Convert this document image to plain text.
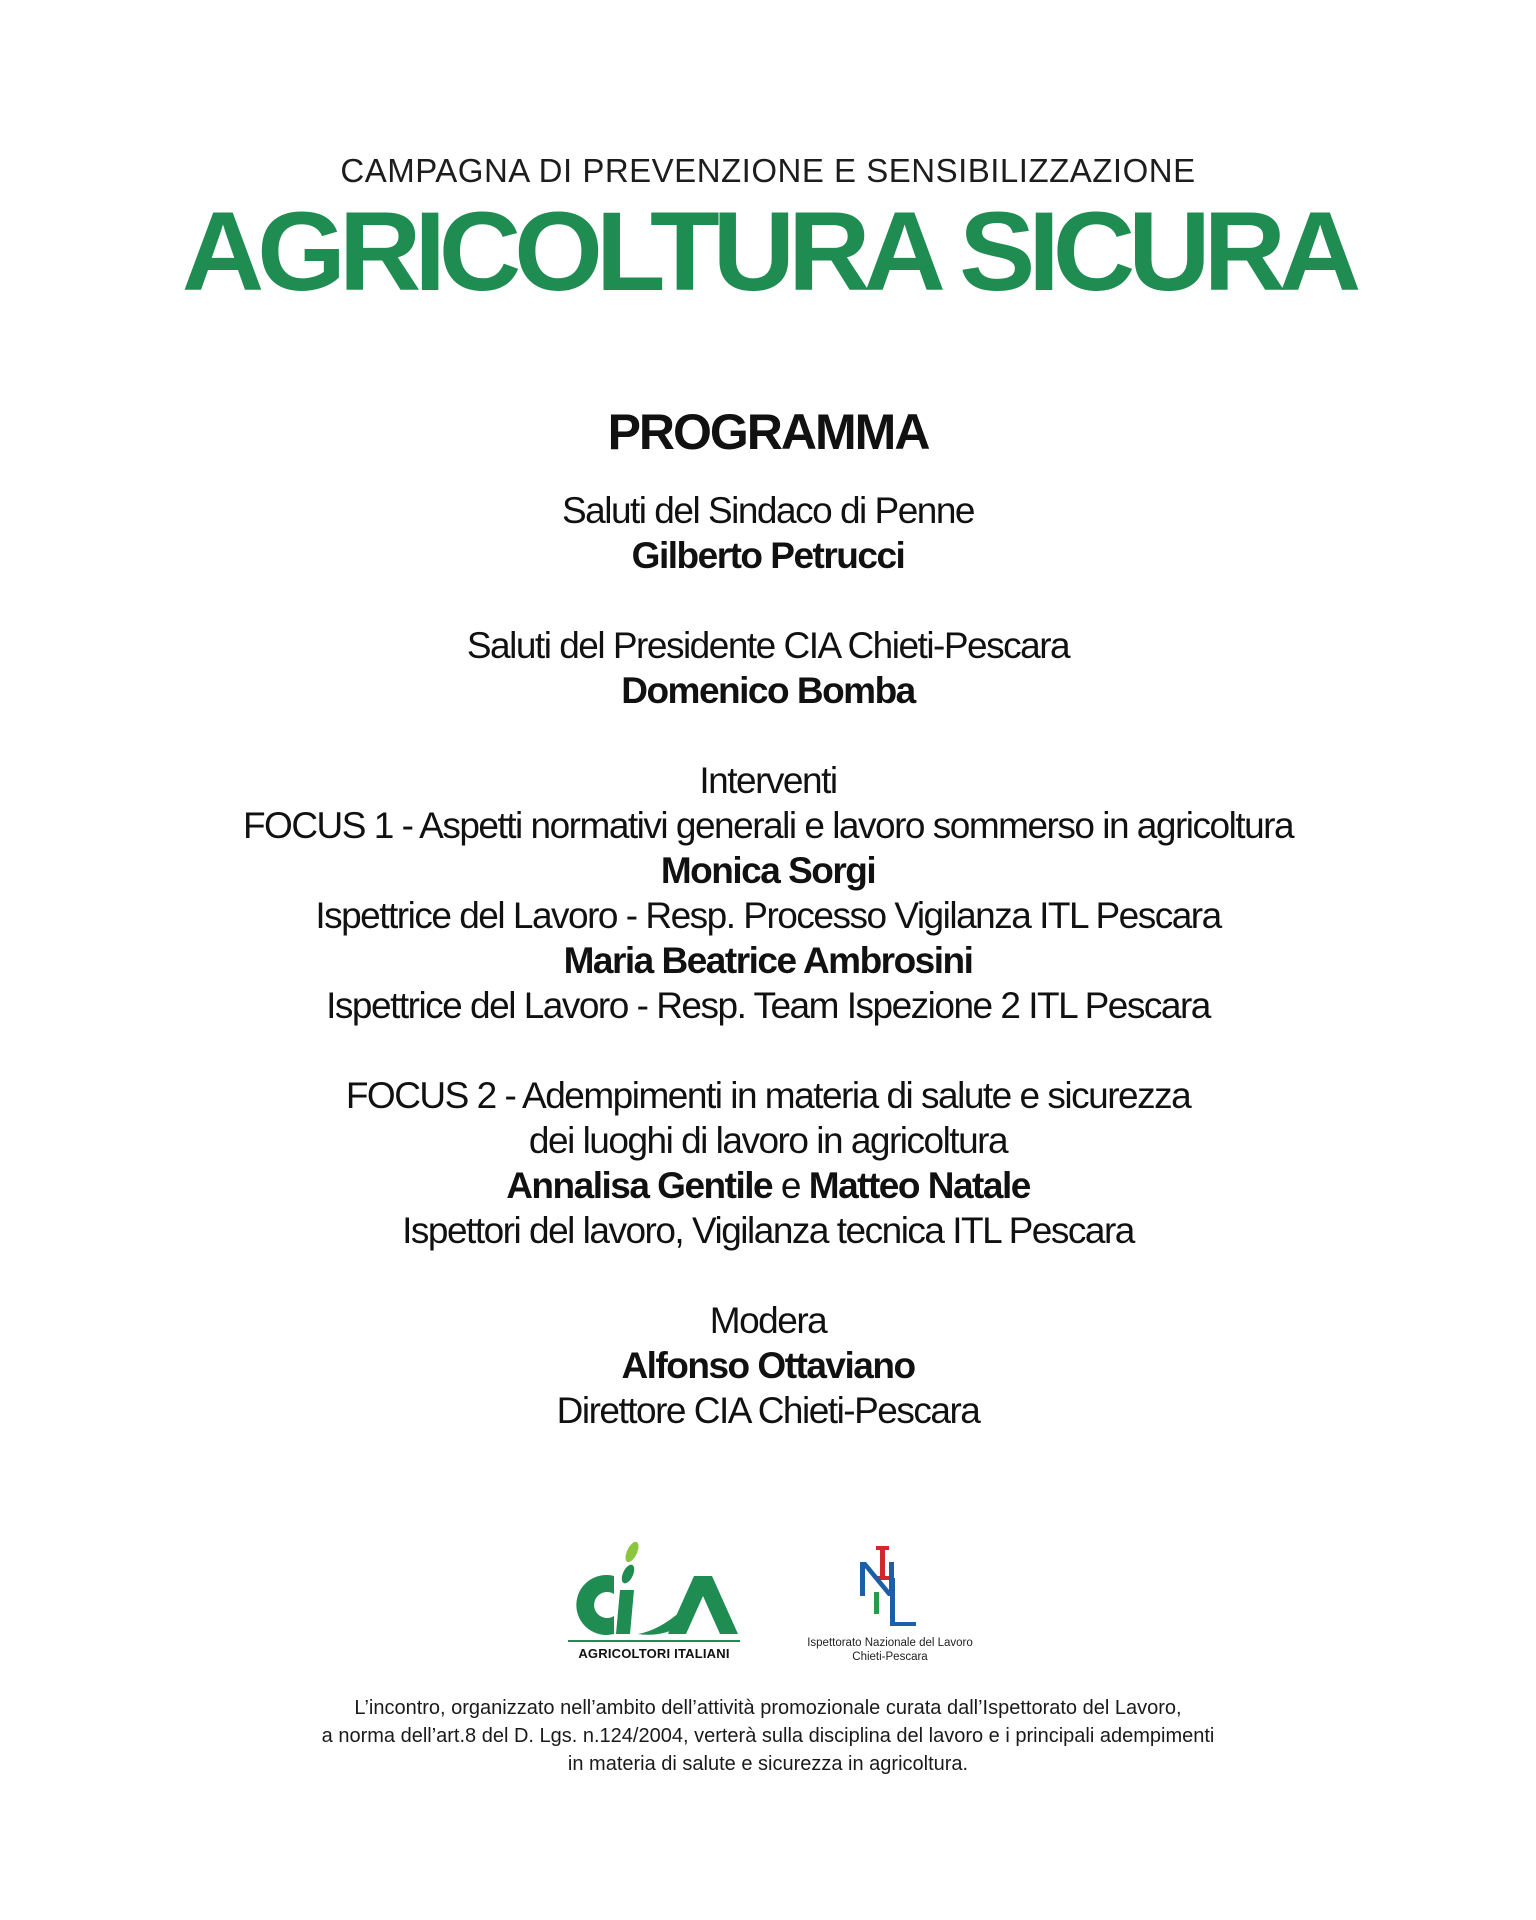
CAMPAGNA DI PREVENZIONE E SENSIBILIZZAZIONE
AGRICOLTURA SICURA
PROGRAMMA
Saluti del Sindaco di Penne
Gilberto Petrucci
Saluti del Presidente CIA Chieti-Pescara
Domenico Bomba
Interventi
FOCUS 1 - Aspetti normativi generali e lavoro sommerso in agricoltura
Monica Sorgi
Ispettrice del Lavoro - Resp. Processo Vigilanza ITL Pescara
Maria Beatrice Ambrosini
Ispettrice del Lavoro - Resp. Team Ispezione 2 ITL Pescara
FOCUS 2 - Adempimenti in materia di salute e sicurezza
dei luoghi di lavoro in agricoltura
Annalisa Gentile e Matteo Natale
Ispettori del lavoro, Vigilanza tecnica ITL Pescara
Modera
Alfonso Ottaviano
Direttore CIA Chieti-Pescara
AGRICOLTORI ITALIANI
Ispettorato Nazionale del Lavoro
Chieti-Pescara
L’incontro, organizzato nell’ambito dell’attività promozionale curata dall’Ispettorato del Lavoro,
a norma dell’art.8 del D. Lgs. n.124/2004, verterà sulla disciplina del lavoro e i principali adempimenti
in materia di salute e sicurezza in agricoltura.
